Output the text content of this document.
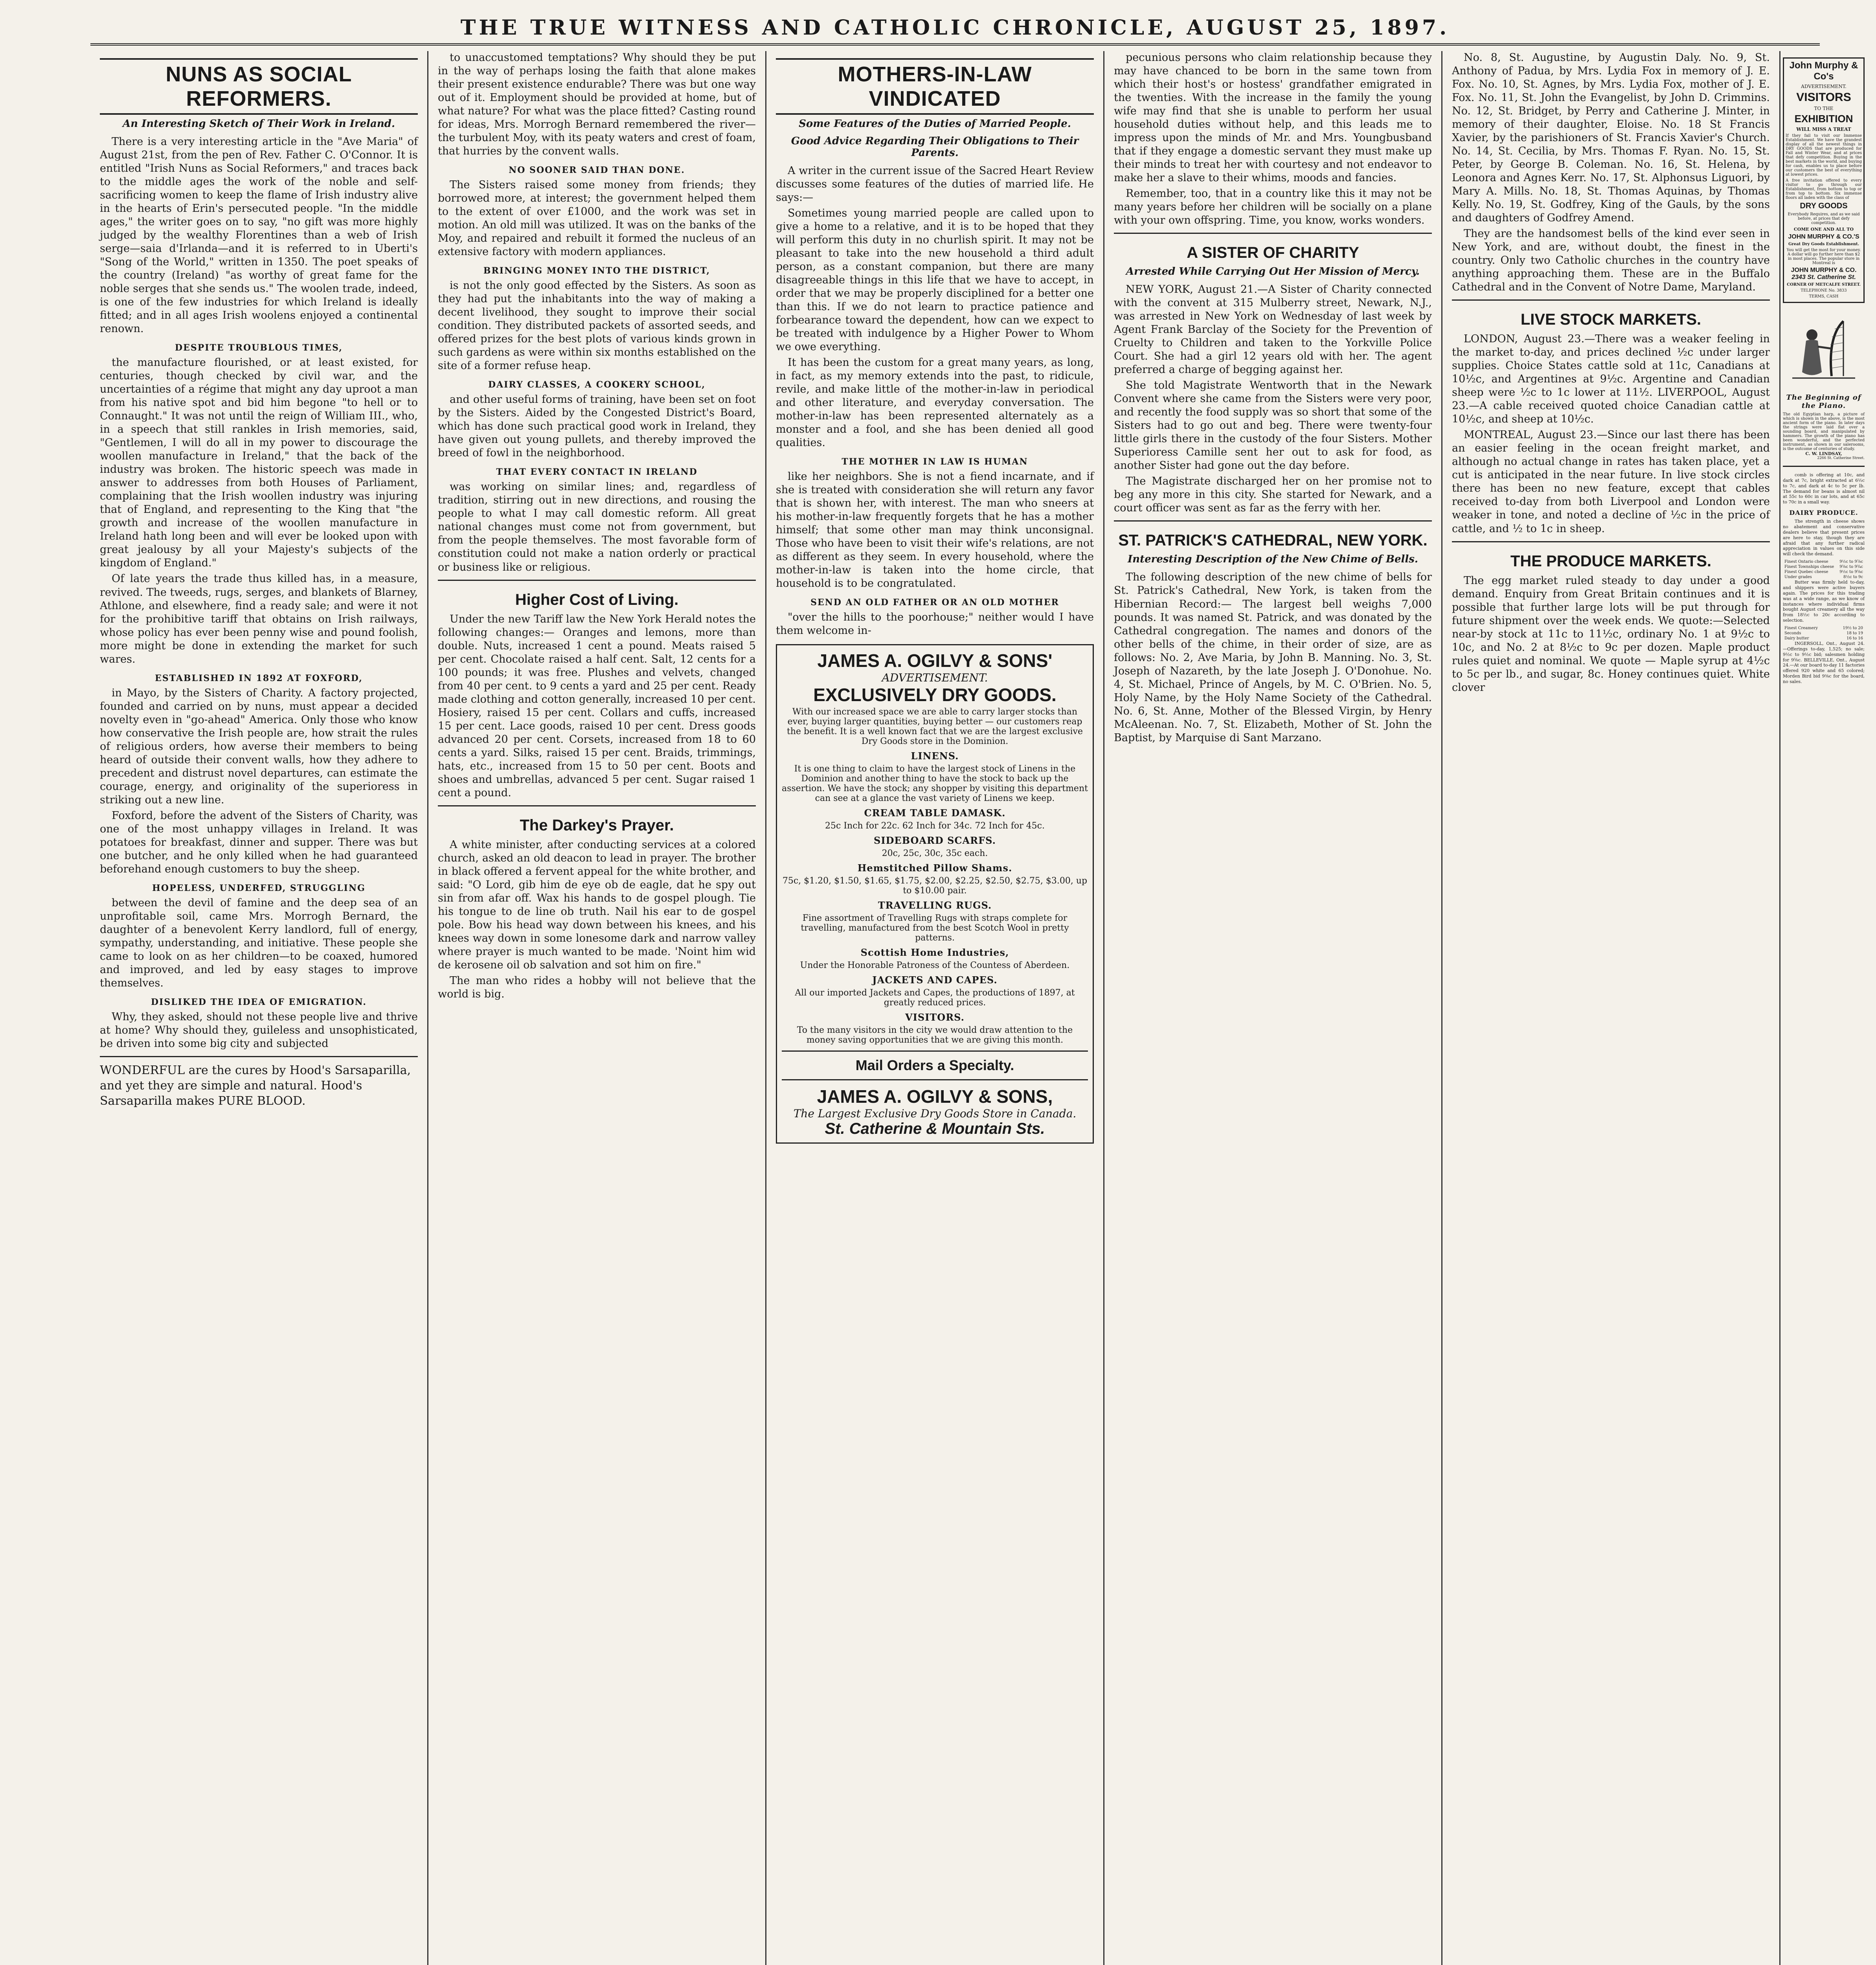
THE TRUE WITNESS AND CATHOLIC CHRONICLE, AUGUST 25, 1897.
NUNS AS SOCIAL REFORMERS.
An Interesting Sketch of Their Work in Ireland.

There is a very interesting article in the "Ave Maria" of August 21st, from the pen of Rev. Father C. O'Connor. It is entitled "Irish Nuns as Social Reformers," and traces back to the middle ages the work of the noble and self-sacrificing women to keep the flame of Irish industry alive in the hearts of Erin's persecuted people. "In the middle ages," the writer goes on to say, "no gift was more highly judged by the wealthy Florentines than a web of Irish serge—saia d'Irlanda—and it is referred to in Uberti's "Song of the World," written in 1350. The poet speaks of the country (Ireland) "as worthy of great fame for the noble serges that she sends us." The woolen trade, indeed, is one of the few industries for which Ireland is ideally fitted; and in all ages Irish woolens enjoyed a continental renown.

DESPITE TROUBLOUS TIMES,

the manufacture flourished, or at least existed, for centuries, though checked by civil war, and the uncertainties of a régime that might any day uproot a man from his native spot and bid him begone "to hell or to Connaught." It was not until the reign of William III., who, in a speech that still rankles in Irish memories, said, "Gentlemen, I will do all in my power to discourage the woollen manufacture in Ireland," that the back of the industry was broken. The historic speech was made in answer to addresses from both Houses of Parliament, complaining that the Irish woollen industry was injuring that of England, and representing to the King that "the growth and increase of the woollen manufacture in Ireland hath long been and will ever be looked upon with great jealousy by all your Majesty's subjects of the kingdom of England."

Of late years the trade thus killed has, in a measure, revived. The tweeds, rugs, serges, and blankets of Blarney, Athlone, and elsewhere, find a ready sale; and were it not for the prohibitive tariff that obtains on Irish railways, whose policy has ever been penny wise and pound foolish, more might be done in extending the market for such wares.

ESTABLISHED IN 1892 AT FOXFORD,

in Mayo, by the Sisters of Charity. A factory projected, founded and carried on by nuns, must appear a decided novelty even in "go-ahead" America. Only those who know how conservative the Irish people are, how strait the rules of religious orders, how averse their members to being heard of outside their convent walls, how they adhere to precedent and distrust novel departures, can estimate the courage, energy, and originality of the superioress in striking out a new line.

Foxford, before the advent of the Sisters of Charity, was one of the most unhappy villages in Ireland. It was potatoes for breakfast, dinner and supper. There was but one butcher, and he only killed when he had guaranteed beforehand enough customers to buy the sheep.

HOPELESS, UNDERFED, STRUGGLING

between the devil of famine and the deep sea of an unprofitable soil, came Mrs. Morrogh Bernard, the daughter of a benevolent Kerry landlord, full of energy, sympathy, understanding, and initiative. These people she came to look on as her children—to be coaxed, humored and improved, and led by easy stages to improve themselves.

DISLIKED THE IDEA OF EMIGRATION.

Why, they asked, should not these people live and thrive at home? Why should they, guileless and unsophisticated, be driven into some big city and subjected

WONDERFUL are the cures by Hood's Sarsaparilla, and yet they are simple and natural. Hood's Sarsaparilla makes PURE BLOOD.

to unaccustomed temptations? Why should they be put in the way of perhaps losing the faith that alone makes their present existence endurable? There was but one way out of it. Employment should be provided at home, but of what nature? For what was the place fitted? Casting round for ideas, Mrs. Morrogh Bernard remembered the river—the turbulent Moy, with its peaty waters and crest of foam, that hurries by the convent walls.

NO SOONER SAID THAN DONE.

The Sisters raised some money from friends; they borrowed more, at interest; the government helped them to the extent of over £1000, and the work was set in motion. An old mill was utilized. It was on the banks of the Moy, and repaired and rebuilt it formed the nucleus of an extensive factory with modern appliances.

BRINGING MONEY INTO THE DISTRICT,

is not the only good effected by the Sisters. As soon as they had put the inhabitants into the way of making a decent livelihood, they sought to improve their social condition. They distributed packets of assorted seeds, and offered prizes for the best plots of various kinds grown in such gardens as were within six months established on the site of a former refuse heap.

DAIRY CLASSES, A COOKERY SCHOOL,

and other useful forms of training, have been set on foot by the Sisters. Aided by the Congested District's Board, which has done such practical good work in Ireland, they have given out young pullets, and thereby improved the breed of fowl in the neighborhood.

THAT EVERY CONTACT IN IRELAND

was working on similar lines; and, regardless of tradition, stirring out in new directions, and rousing the people to what I may call domestic reform. All great national changes must come not from government, but from the people themselves. The most favorable form of constitution could not make a nation orderly or practical or business like or religious.

Higher Cost of Living.

Under the new Tariff law the New York Herald notes the following changes:— Oranges and lemons, more than double. Nuts, increased 1 cent a pound. Meats raised 5 per cent. Chocolate raised a half cent. Salt, 12 cents for a 100 pounds; it was free. Plushes and velvets, changed from 40 per cent. to 9 cents a yard and 25 per cent. Ready made clothing and cotton generally, increased 10 per cent. Hosiery, raised 15 per cent. Collars and cuffs, increased 15 per cent. Lace goods, raised 10 per cent. Dress goods advanced 20 per cent. Corsets, increased from 18 to 60 cents a yard. Silks, raised 15 per cent. Braids, trimmings, hats, etc., increased from 15 to 50 per cent. Boots and shoes and umbrellas, advanced 5 per cent. Sugar raised 1 cent a pound.

The Darkey's Prayer.

A white minister, after conducting services at a colored church, asked an old deacon to lead in prayer. The brother in black offered a fervent appeal for the white brother, and said: "O Lord, gib him de eye ob de eagle, dat he spy out sin from afar off. Wax his hands to de gospel plough. Tie his tongue to de line ob truth. Nail his ear to de gospel pole. Bow his head way down between his knees, and his knees way down in some lonesome dark and narrow valley where prayer is much wanted to be made. 'Noint him wid de kerosene oil ob salvation and sot him on fire."

The man who rides a hobby will not believe that the world is big.

MOTHERS-IN-LAW VINDICATED
Some Features of the Duties of Married People.
Good Advice Regarding Their Obligations to Their Parents.

A writer in the current issue of the Sacred Heart Review discusses some features of the duties of married life. He says:—

Sometimes young married people are called upon to give a home to a relative, and it is to be hoped that they will perform this duty in no churlish spirit. It may not be pleasant to take into the new household a third adult person, as a constant companion, but there are many disagreeable things in this life that we have to accept, in order that we may be properly disciplined for a better one than this. If we do not learn to practice patience and forbearance toward the dependent, how can we expect to be treated with indulgence by a Higher Power to Whom we owe everything.

It has been the custom for a great many years, as long, in fact, as my memory extends into the past, to ridicule, revile, and make little of the mother-in-law in periodical and other literature, and everyday conversation. The mother-in-law has been represented alternately as a monster and a fool, and she has been denied all good qualities.

THE MOTHER IN LAW IS HUMAN

like her neighbors. She is not a fiend incarnate, and if she is treated with consideration she will return any favor that is shown her, with interest. The man who sneers at his mother-in-law frequently forgets that he has a mother himself; that some other man may think unconsignal. Those who have been to visit their wife's relations, are not as different as they seem. In every household, where the mother-in-law is taken into the home circle, that household is to be congratulated.

SEND AN OLD FATHER OR AN OLD MOTHER

"over the hills to the poorhouse;" neither would I have them welcome in-

JAMES A. OGILVY & SONS'
ADVERTISEMENT.
EXCLUSIVELY DRY GOODS.
With our increased space we are able to carry larger stocks than ever, buying larger quantities, buying better — our customers reap the benefit. It is a well known fact that we are the largest exclusive Dry Goods store in the Dominion.
LINENS.
It is one thing to claim to have the largest stock of Linens in the Dominion and another thing to have the stock to back up the assertion. We have the stock; any shopper by visiting this department can see at a glance the vast variety of Linens we keep.
CREAM TABLE DAMASK.
25c Inch for 22c. 62 Inch for 34c. 72 Inch for 45c.
SIDEBOARD SCARFS.
20c, 25c, 30c, 35c each.
Hemstitched Pillow Shams.
75c, $1.20, $1.50, $1.65, $1.75, $2.00, $2.25, $2.50, $2.75, $3.00, up to $10.00 pair.
TRAVELLING RUGS.
Fine assortment of Travelling Rugs with straps complete for travelling, manufactured from the best Scotch Wool in pretty patterns.
Scottish Home Industries,
Under the Honorable Patroness of the Countess of Aberdeen.
JACKETS AND CAPES.
All our imported Jackets and Capes, the productions of 1897, at greatly reduced prices.
VISITORS.
To the many visitors in the city we would draw attention to the money saving opportunities that we are giving this month.
Mail Orders a Specialty.
JAMES A. OGILVY & SONS,
The Largest Exclusive Dry Goods Store in Canada.
St. Catherine & Mountain Sts.

pecunious persons who claim relationship because they may have chanced to be born in the same town from which their host's or hostess' grandfather emigrated in the twenties. With the increase in the family the young wife may find that she is unable to perform her usual household duties without help, and this leads me to impress upon the minds of Mr. and Mrs. Youngbusband that if they engage a domestic servant they must make up their minds to treat her with courtesy and not endeavor to make her a slave to their whims, moods and fancies.

Remember, too, that in a country like this it may not be many years before her children will be socially on a plane with your own offspring. Time, you know, works wonders.

A SISTER OF CHARITY
Arrested While Carrying Out Her Mission of Mercy.

NEW YORK, August 21.—A Sister of Charity connected with the convent at 315 Mulberry street, Newark, N.J., was arrested in New York on Wednesday of last week by Agent Frank Barclay of the Society for the Prevention of Cruelty to Children and taken to the Yorkville Police Court. She had a girl 12 years old with her. The agent preferred a charge of begging against her.

She told Magistrate Wentworth that in the Newark Convent where she came from the Sisters were very poor, and recently the food supply was so short that some of the Sisters had to go out and beg. There were twenty-four little girls there in the custody of the four Sisters. Mother Superioress Camille sent her out to ask for food, as another Sister had gone out the day before.

The Magistrate discharged her on her promise not to beg any more in this city. She started for Newark, and a court officer was sent as far as the ferry with her.

ST. PATRICK'S CATHEDRAL, NEW YORK.
Interesting Description of the New Chime of Bells.

The following description of the new chime of bells for St. Patrick's Cathedral, New York, is taken from the Hibernian Record:— The largest bell weighs 7,000 pounds. It was named St. Patrick, and was donated by the Cathedral congregation. The names and donors of the other bells of the chime, in their order of size, are as follows: No. 2, Ave Maria, by John B. Manning. No. 3, St. Joseph of Nazareth, by the late Joseph J. O'Donohue. No. 4, St. Michael, Prince of Angels, by M. C. O'Brien. No. 5, Holy Name, by the Holy Name Society of the Cathedral. No. 6, St. Anne, Mother of the Blessed Virgin, by Henry McAleenan. No. 7, St. Elizabeth, Mother of St. John the Baptist, by Marquise di Sant Marzano.

No. 8, St. Augustine, by Augustin Daly. No. 9, St. Anthony of Padua, by Mrs. Lydia Fox in memory of J. E. Fox. No. 10, St. Agnes, by Mrs. Lydia Fox, mother of J. E. Fox. No. 11, St. John the Evangelist, by John D. Crimmins. No. 12, St. Bridget, by Perry and Catherine J. Minter, in memory of their daughter, Eloise. No. 18 St Francis Xavier, by the parishioners of St. Francis Xavier's Church. No. 14, St. Cecilia, by Mrs. Thomas F. Ryan. No. 15, St. Peter, by George B. Coleman. No. 16, St. Helena, by Leonora and Agnes Kerr. No. 17, St. Alphonsus Liguori, by Mary A. Mills. No. 18, St. Thomas Aquinas, by Thomas Kelly. No. 19, St. Godfrey, King of the Gauls, by the sons and daughters of Godfrey Amend.

They are the handsomest bells of the kind ever seen in New York, and are, without doubt, the finest in the country. Only two Catholic churches in the country have anything approaching them. These are in the Buffalo Cathedral and in the Convent of Notre Dame, Maryland.

LIVE STOCK MARKETS.

LONDON, August 23.—There was a weaker feeling in the market to-day, and prices declined ½c under larger supplies. Choice States cattle sold at 11c, Canadians at 10½c, and Argentines at 9½c. Argentine and Canadian sheep were ½c to 1c lower at 11½. LIVERPOOL, August 23.—A cable received quoted choice Canadian cattle at 10½c, and sheep at 10½c.

MONTREAL, August 23.—Since our last there has been an easier feeling in the ocean freight market, and although no actual change in rates has taken place, yet a cut is anticipated in the near future. In live stock circles there has been no new feature, except that cables received to-day from both Liverpool and London were weaker in tone, and noted a decline of ½c in the price of cattle, and ½ to 1c in sheep.

THE PRODUCE MARKETS.

The egg market ruled steady to day under a good demand. Enquiry from Great Britain continues and it is possible that further large lots will be put through for future shipment over the week ends. We quote:—Selected near-by stock at 11c to 11½c, ordinary No. 1 at 9½c to 10c, and No. 2 at 8½c to 9c per dozen. Maple product rules quiet and nominal. We quote — Maple syrup at 4½c to 5c per lb., and sugar, 8c. Honey continues quiet. White clover

John Murphy & Co's
ADVERTISEMENT.
VISITORS
TO THE
EXHIBITION
WILL MISS A TREAT
If they fail to visit our Immense Establishment. We have the grandest display of all the newest things in DRY GOODS that are produced for Fall and Winter Wear, and at prices that defy competition. Buying in the best markets in the world, and buying for cash, enables us to place before our customers the best of everything at lowest prices.
A free invitation offered to every visitor to go through our Establishment, from bottom to top or from top to bottom. Six immense floors all laden with the class of
DRY GOODS
Everybody Requires, and as we said before, at prices that defy competition.
COME ONE AND ALL TO
JOHN MURPHY & CO.'S
Great Dry Goods Establishment.
You will get the most for your money. A dollar will go further here than $2 in most places. The popular store in Montreal is
JOHN MURPHY & CO.
2343 St. Catherine St.
CORNER OF METCALFE STREET.
TELEPHONE No. 3833
TERMS, CASH
The Beginning of the Piano.
The old Egyptian harp, a picture of which is shown in the above, is the most ancient form of the piano. In later days the strings were laid flat over a sounding board, and manipulated by hammers. The growth of the piano has been wonderful, and the perfected instrument, as shown in our salerooms, is the outcome of centuries of study.
C. W. LINDSAY,
2266 St. Catherine Street.

comb is offering at 10c, and dark at 7c, bright extracted at 6½c to 7c, and dark at 4c to 5c per lb. The demand for beans is almost nil at 55c to 60c in car lots, and at 65c to 70c in a small way.

DAIRY PRODUCE.

The strength in cheese shows no abatement and conservative dealers believe that present prices are here to stay, though they are afraid that any further radical appreciation in values on this side will check the demand.

Finest Ontario cheese	9½c to 9⅞c
Finest Townships cheese	9⅝c to 9¾c
Finest Quebec cheese	9½c to 9⅝c
Under grades	8½c to 9c

Butter was firmly held to-day, and shippers were active buyers again. The prices for this trading was at a wide range, as we know of instances where individual firms bought August creamery all the way from 18½c to 20c according to selection.

Finest Creamery	19½ to 20
Seconds	18 to 19
Dairy butter	16 to 16

INGERSOLL, Ont., August 24.—Offerings to-day, 1,525; no sale; 9½c to 9½c bid; salesmen holding for 9⅝c. BELLEVILLE, Ont., August 24.—At our board to-day 11 factories offered 920 white and 65 colored; Morden Bird bid 9⅜c for the board, no sales.
